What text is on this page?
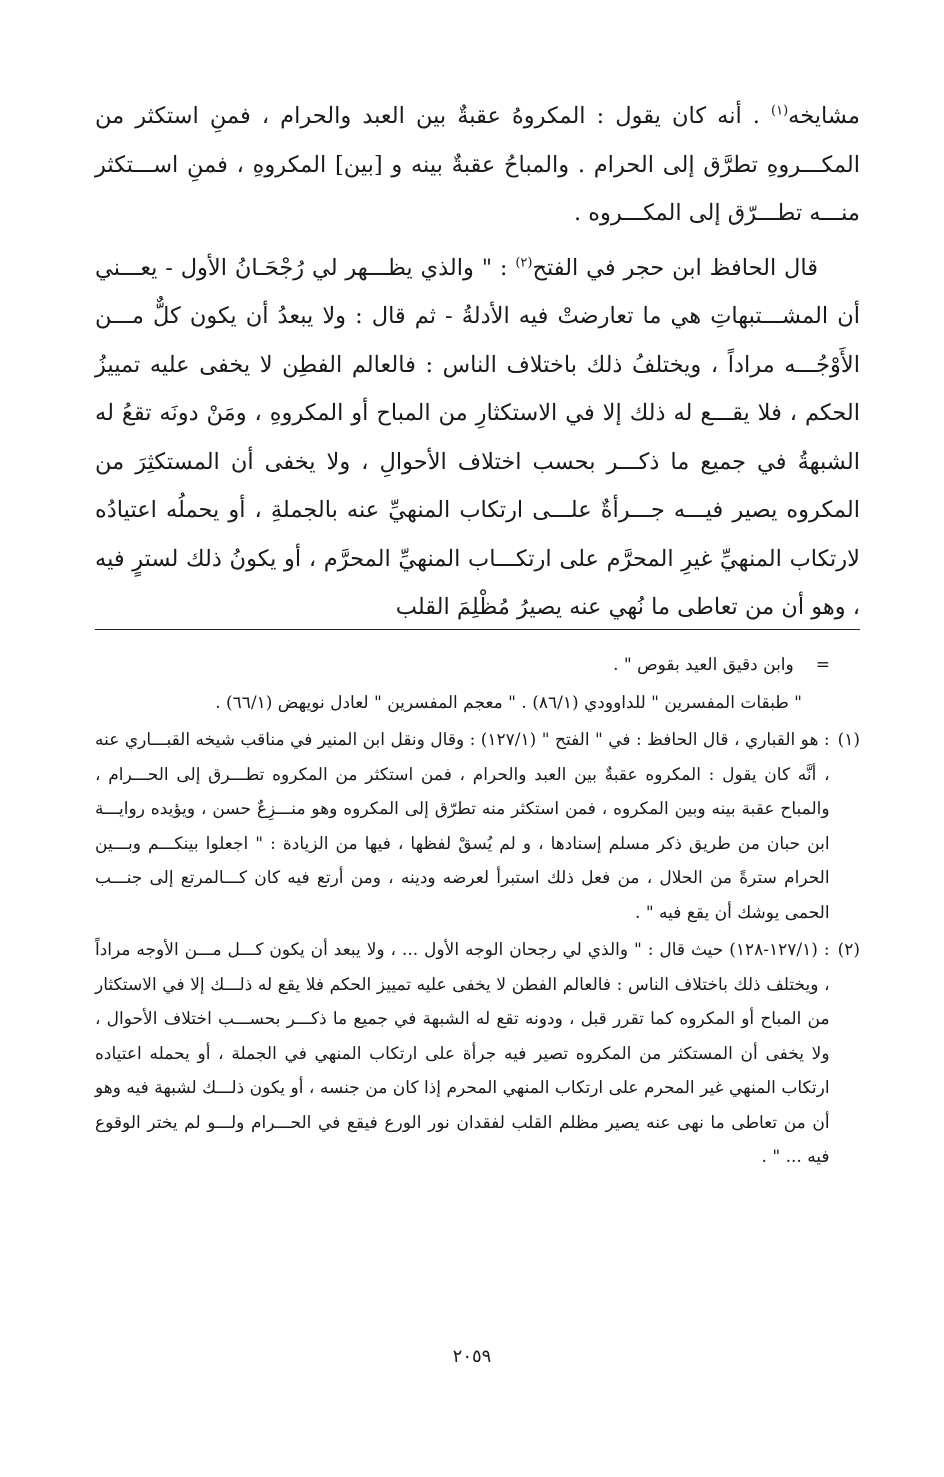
مشايخه$^{(١)}$ . أنه كان يقول : المكروهُ عقبةٌ بين العبد والحرام ، فمنِ استكثر من المكـــروهِ تطرَّق إلى الحرام . والمباحُ عقبةٌ بينه و [بين] المكروهِ ، فمنِ اســـتكثر منـــه تطـــرّق إلى المكـــروه .

قال الحافظ ابن حجر في الفتح$^{(٢)}$ : " والذي يظـــهر لي رُجْحَـانُ الأول - يعـــني أن المشـــتبهاتِ هي ما تعارضتْ فيه الأدلةُ - ثم قال : ولا يبعدُ أن يكون كلٌّ مـــن الأَوْجُـــه مراداً ، ويختلفُ ذلك باختلاف الناس : فالعالم الفطِن لا يخفى عليه تمييزُ الحكم ، فلا يقـــع له ذلك إلا في الاستكثارِ من المباح أو المكروهِ ، ومَنْ دونَه تقعُ له الشبهةُ في جميع ما ذكـــر بحسب اختلاف الأحوالِ ، ولا يخفى أن المستكثِرَ من المكروه يصير فيـــه جـــرأةٌ علـــى ارتكاب المنهيِّ عنه بالجملةِ ، أو يحملُه اعتيادُه لارتكاب المنهيِّ غيرِ المحرَّم على ارتكـــاب المنهيِّ المحرَّم ، أو يكونُ ذلك لسترٍ فيه ، وهو أن من تعاطى ما نُهي عنه يصيرُ مُظْلِمَ القلب

=
وابن دقيق العيد بقوص " .
" طبقات المفسرين " للداوودي (٨٦/١) . " معجم المفسرين " لعادل نويهض (٦٦/١) .
(١)
: هو القباري ، قال الحافظ : في " الفتح " (١٢٧/١) : وقال ونقل ابن المنير في مناقب شيخه القبـــاري عنه ، أنَّه كان يقول : المكروه عقبةٌ بين العبد والحرام ، فمن استكثر من المكروه تطـــرق إلى الحـــرام ، والمباح عقبة بينه وبين المكروه ، فمن استكثر منه تطرّق إلى المكروه وهو منـــزِعٌ حسن ، ويؤيده روايـــة ابن حبان من طريق ذكر مسلم إسنادها ، و لم يُسقْ لفظها ، فيها من الزيادة : " اجعلوا بينكـــم وبـــين الحرام سترةً من الحلال ، من فعل ذلك استبرأ لعرضه ودينه ، ومن أرتع فيه كان كـــالمرتع إلى جنـــب الحمى يوشك أن يقع فيه " .
(٢)
: (١٢٧/١-١٢٨) حيث قال : " والذي لي رجحان الوجه الأول ... ، ولا يبعد أن يكون كـــل مـــن الأوجه مراداً ، ويختلف ذلك باختلاف الناس : فالعالم الفطن لا يخفى عليه تمييز الحكم فلا يقع له ذلـــك إلا في الاستكثار من المباح أو المكروه كما تقرر قبل ، ودونه تقع له الشبهة في جميع ما ذكـــر بحســـب اختلاف الأحوال ، ولا يخفى أن المستكثر من المكروه تصير فيه جرأة على ارتكاب المنهي في الجملة ، أو يحمله اعتياده ارتكاب المنهي غير المحرم على ارتكاب المنهي المحرم إذا كان من جنسه ، أو يكون ذلـــك لشبهة فيه وهو أن من تعاطى ما نهى عنه يصير مظلم القلب لفقدان نور الورع فيقع في الحـــرام ولـــو لم يختر الوقوع فيه ... " .
٢٠٥٩
